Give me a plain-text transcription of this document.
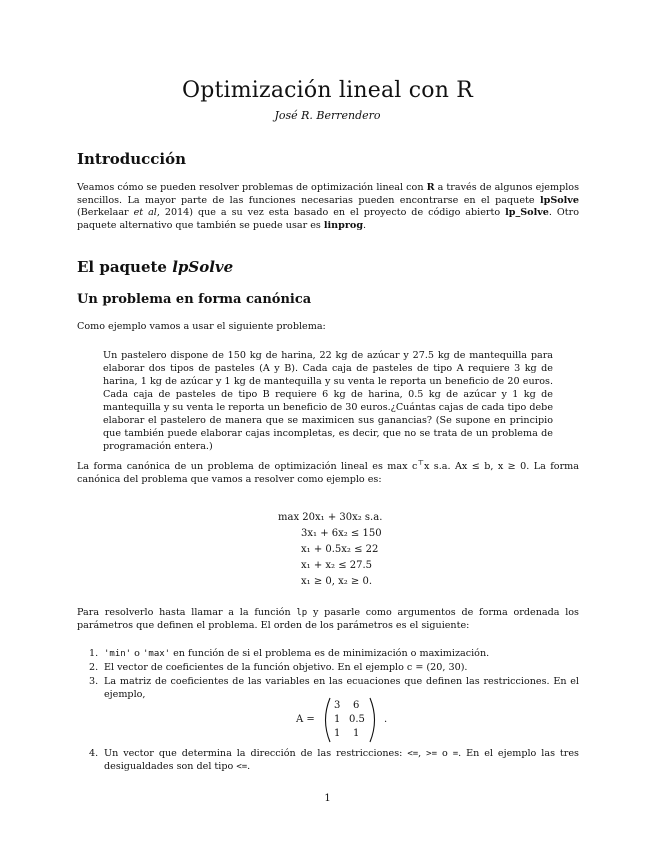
Optimización lineal con R
José R. Berrendero
Introducción
Veamos cómo se pueden resolver problemas de optimización lineal con R a través de algunos ejemplos sencillos. La mayor parte de las funciones necesarias pueden encontrarse en el paquete lpSolve (Berkelaar et al, 2014) que a su vez esta basado en el proyecto de código abierto lp_Solve. Otro paquete alternativo que también se puede usar es linprog.
El paquete lpSolve
Un problema en forma canónica
Como ejemplo vamos a usar el siguiente problema:
Un pastelero dispone de 150 kg de harina, 22 kg de azúcar y 27.5 kg de mantequilla para elaborar dos tipos de pasteles (A y B). Cada caja de pasteles de tipo A requiere 3 kg de harina, 1 kg de azúcar y 1 kg de mantequilla y su venta le reporta un beneficio de 20 euros. Cada caja de pasteles de tipo B requiere 6 kg de harina, 0.5 kg de azúcar y 1 kg de mantequilla y su venta le reporta un beneficio de 30 euros.¿Cuántas cajas de cada tipo debe elaborar el pastelero de manera que se maximicen sus ganancias? (Se supone en principio que también puede elaborar cajas incompletas, es decir, que no se trata de un problema de programación entera.)
La forma canónica de un problema de optimización lineal es max c⊤x s.a. Ax ≤ b, x ≥ 0. La forma canónica del problema que vamos a resolver como ejemplo es:
max 20x₁ + 30x₂ s.a.
3x₁ + 6x₂ ≤ 150
x₁ + 0.5x₂ ≤ 22
x₁ + x₂ ≤ 27.5
x₁ ≥ 0, x₂ ≥ 0.
Para resolverlo hasta llamar a la función lp y pasarle como argumentos de forma ordenada los parámetros que definen el problema. El orden de los parámetros es el siguiente:
1. 'min' o 'max' en función de si el problema es de minimización o maximización.
2. El vector de coeficientes de la función objetivo. En el ejemplo c = (20, 30).
3. La matriz de coeficientes de las variables en las ecuaciones que definen las restricciones. En el ejemplo,
4. Un vector que determina la dirección de las restricciones: <=, >= o =. En el ejemplo las tres desigualdades son del tipo <=.
A =
3 6
1 0.5
1 1
.
1
